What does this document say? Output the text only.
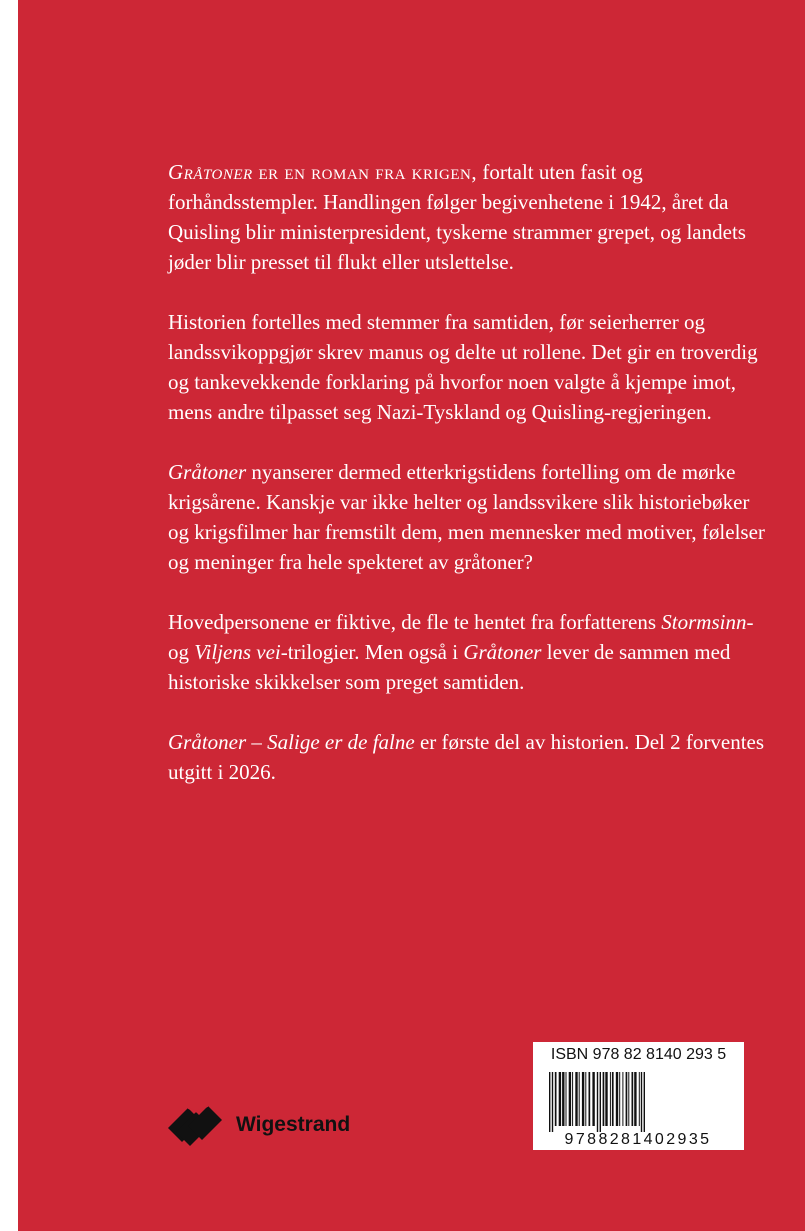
Gråtoner er en roman fra krigen, fortalt uten fasit og forhåndsstempler. Handlingen følger begivenhetene i 1942, året da Quisling blir ministerpresident, tyskerne strammer grepet, og landets jøder blir presset til flukt eller utslettelse.

Historien fortelles med stemmer fra samtiden, før seierherrer og landssvikoppgjør skrev manus og delte ut rollene. Det gir en troverdig og tankevekkende forklaring på hvorfor noen valgte å kjempe imot, mens andre tilpasset seg Nazi-Tyskland og Quisling-regjeringen.

Gråtoner nyanserer dermed etterkrigstidens fortelling om de mørke krigsårene. Kanskje var ikke helter og landssvikere slik historiebøker og krigsfilmer har fremstilt dem, men mennesker med motiver, følelser og meninger fra hele spekteret av gråtoner?

Hovedpersonene er fiktive, de fle te hentet fra forfatterens Stormsinn- og Viljens vei-trilogier. Men også i Gråtoner lever de sammen med historiske skikkelser som preget samtiden.

Gråtoner – Salige er de falne er første del av historien. Del 2 forventes utgitt i 2026.

Wigestrand
ISBN 978 82 8140 293 5
9788281402935
